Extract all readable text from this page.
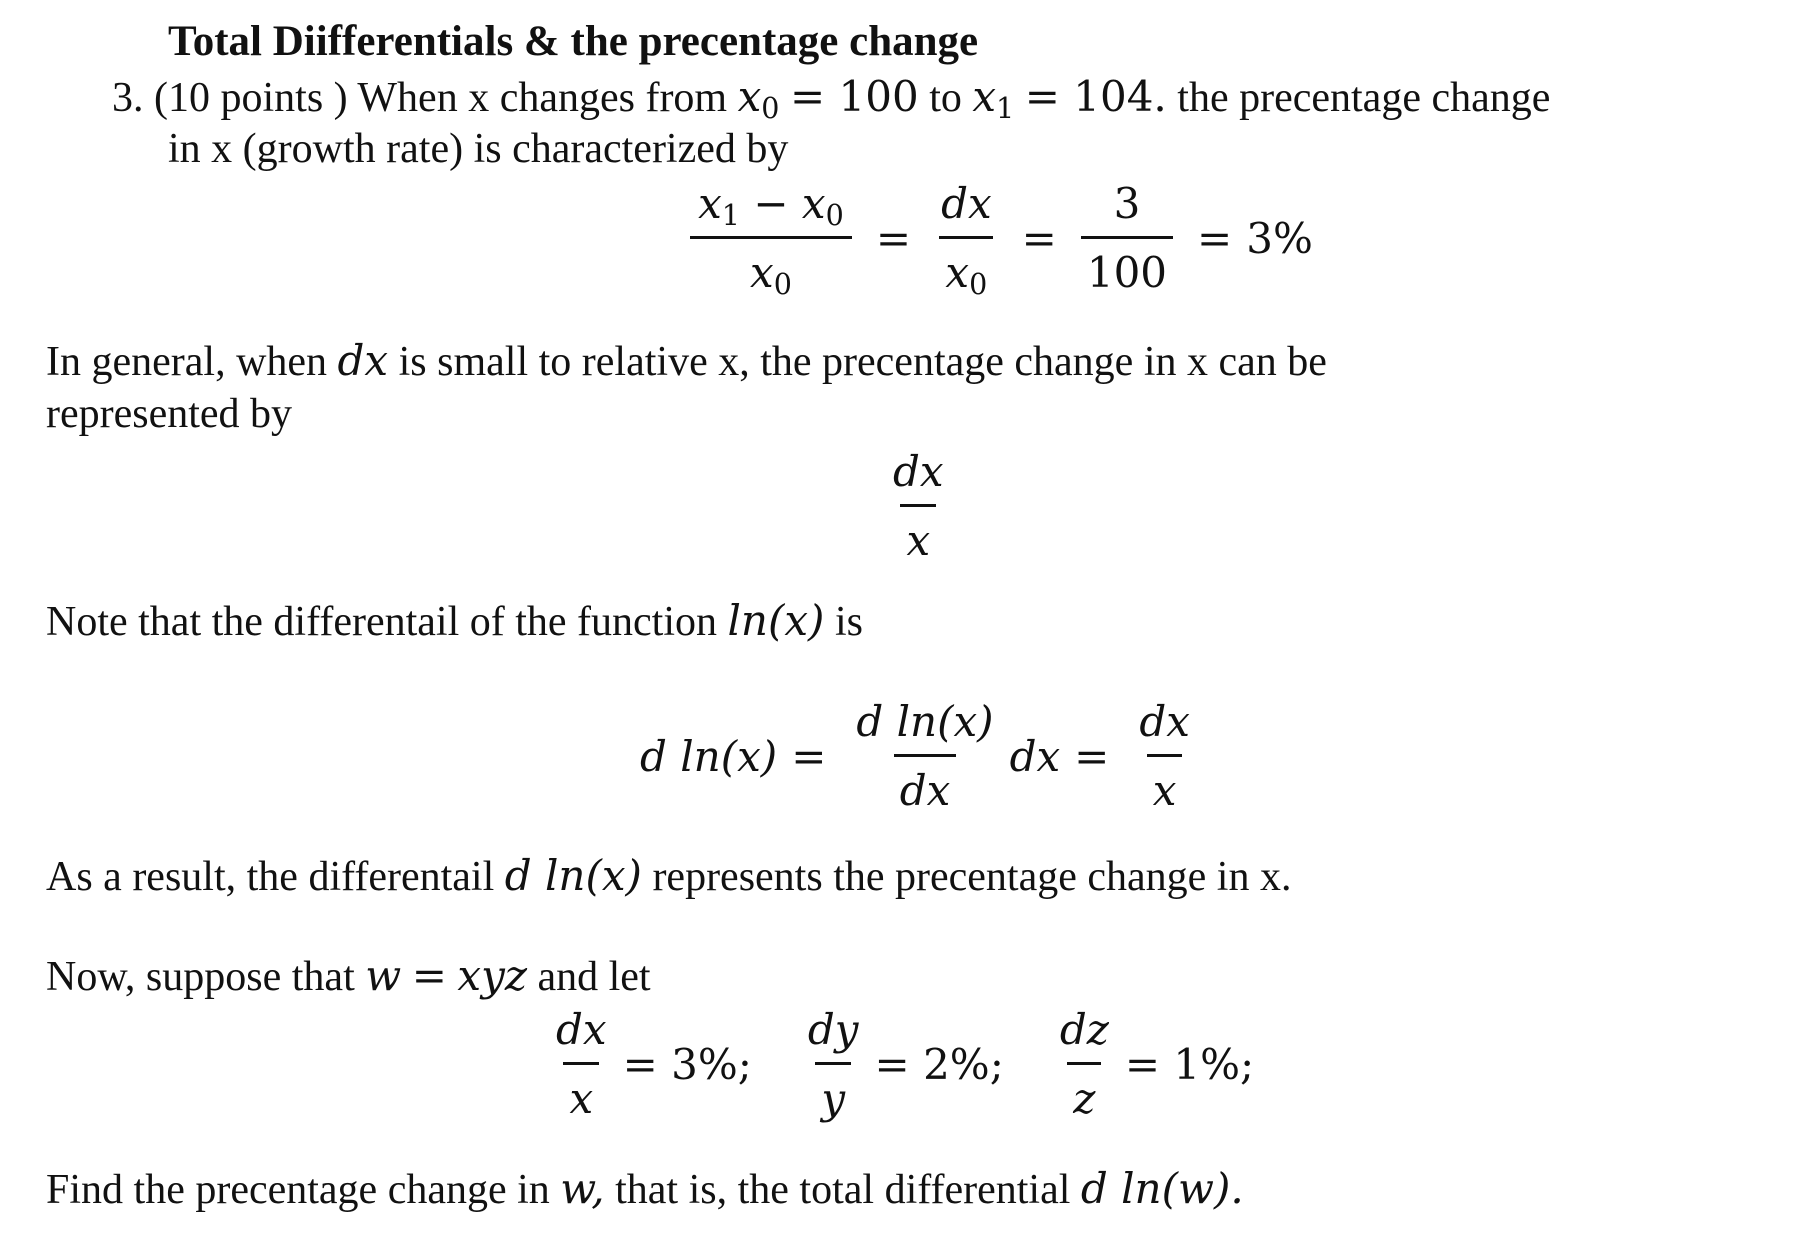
Total Diifferentials & the precentage change
3. (10 points ) When x changes from $x_0 = 100$ to $x_1 = 104$. the precentage change
in x (growth rate) is characterized by
$\frac{x_1 - x_0}{x_0} = \frac{dx}{x_0} = \frac{3}{100} = 3\%$
In general, when dx is small to relative x, the precentage change in x can be
represented by
$\frac{dx}{x}$
Note that the differentail of the function ln(x) is
d $\ln(x) = \frac{\text{d ln(x)}}{dx}$ dx = $\frac{dx}{x}$
As a result, the differentail d ln(x) represents the precentage change in x.
Now, suppose that w = xyz and let
$\frac{dx}{x} = 3\%$; $\frac{dy}{y} = 2\%$; $\frac{dz}{z} = 1\%$;
Find the precentage change in w, that is, the total differential d ln(w).
